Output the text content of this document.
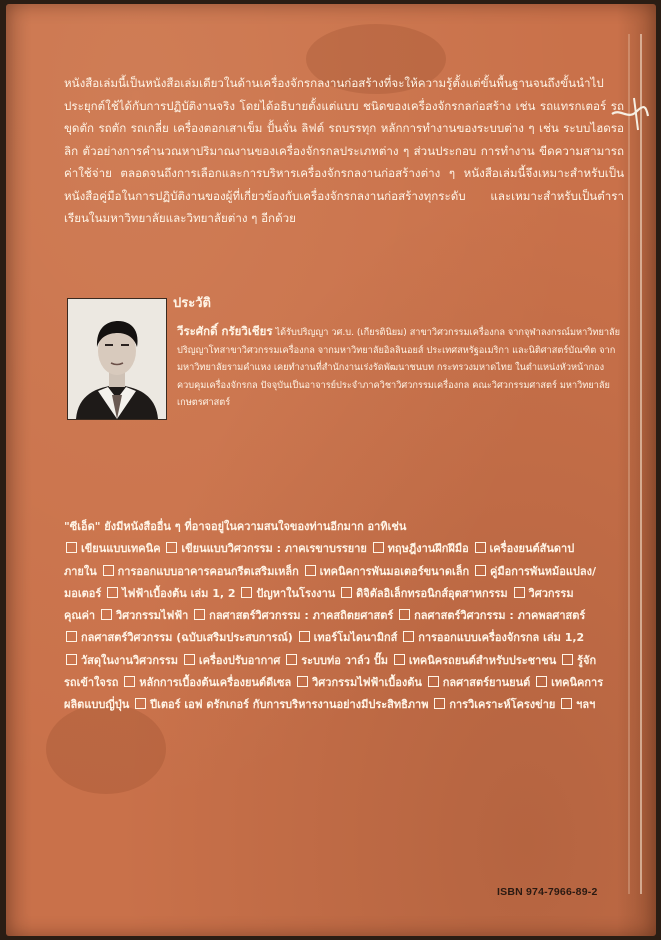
หนังสือเล่มนี้เป็นหนังสือเล่มเดียวในด้านเครื่องจักรกลงานก่อสร้างที่จะให้ความรู้ตั้งแต่ขั้นพื้นฐานจนถึงขั้นนำไปประยุกต์ใช้ได้กับการปฏิบัติงานจริง โดยได้อธิบายตั้งแต่แบบ ชนิดของเครื่องจักรกลก่อสร้าง เช่น รถแทรกเตอร์ รถขุดตัก รถตัก รถเกลี่ย เครื่องตอกเสาเข็ม ปั้นจั่น ลิฟต์ รถบรรทุก หลักการทำงานของระบบต่าง ๆ เช่น ระบบไฮดรอลิก ตัวอย่างการคำนวณหาปริมาณงานของเครื่องจักรกลประเภทต่าง ๆ ส่วนประกอบ การทำงาน ขีดความสามารถ ค่าใช้จ่าย ตลอดจนถึงการเลือกและการบริหารเครื่องจักรกลงานก่อสร้างต่าง ๆ หนังสือเล่มนี้จึงเหมาะสำหรับเป็นหนังสือคู่มือในการปฏิบัติงานของผู้ที่เกี่ยวข้องกับเครื่องจักรกลงานก่อสร้างทุกระดับ และเหมาะสำหรับเป็นตำราเรียนในมหาวิทยาลัยและวิทยาลัยต่าง ๆ อีกด้วย
ประวัติ
วีระศักดิ์ กรัยวิเชียร ได้รับปริญญา วศ.บ. (เกียรตินิยม) สาขาวิศวกรรมเครื่องกล จากจุฬาลงกรณ์มหาวิทยาลัย ปริญญาโทสาขาวิศวกรรมเครื่องกล จากมหาวิทยาลัยอิลลินอยส์ ประเทศสหรัฐอเมริกา และนิติศาสตร์บัณฑิต จากมหาวิทยาลัยรามคำแหง เคยทำงานที่สำนักงานเร่งรัดพัฒนาชนบท กระทรวงมหาดไทย ในตำแหน่งหัวหน้ากองควบคุมเครื่องจักรกล ปัจจุบันเป็นอาจารย์ประจำภาควิชาวิศวกรรมเครื่องกล คณะวิศวกรรมศาสตร์ มหาวิทยาลัยเกษตรศาสตร์
"ซีเอ็ด" ยังมีหนังสืออื่น ๆ ที่อาจอยู่ในความสนใจของท่านอีกมาก อาทิเช่น
เขียนแบบเทคนิค เขียนแบบวิศวกรรม : ภาคเรขาบรรยาย ทฤษฎีงานฝึกฝีมือ เครื่องยนต์สันดาปภายใน การออกแบบอาคารคอนกรีตเสริมเหล็ก เทคนิคการพันมอเตอร์ขนาดเล็ก คู่มือการพันหม้อแปลง/มอเตอร์ ไฟฟ้าเบื้องต้น เล่ม 1, 2 ปัญหาในโรงงาน ดิจิตัลอิเล็กทรอนิกส์อุตสาหกรรม วิศวกรรมคุณค่า วิศวกรรมไฟฟ้า กลศาสตร์วิศวกรรม : ภาคสถิตยศาสตร์ กลศาสตร์วิศวกรรม : ภาคพลศาสตร์ กลศาสตร์วิศวกรรม (ฉบับเสริมประสบการณ์) เทอร์โมไดนามิกส์ การออกแบบเครื่องจักรกล เล่ม 1,2 วัสดุในงานวิศวกรรม เครื่องปรับอากาศ ระบบท่อ วาล์ว ปั๊ม เทคนิครถยนต์สำหรับประชาชน รู้จักรถเข้าใจรถ หลักการเบื้องต้นเครื่องยนต์ดีเซล วิศวกรรมไฟฟ้าเบื้องต้น กลศาสตร์ยานยนต์ เทคนิคการผลิตแบบญี่ปุ่น ปีเตอร์ เอฟ ดรักเกอร์ กับการบริหารงานอย่างมีประสิทธิภาพ การวิเคราะห์โครงข่าย ฯลฯ
ISBN 974-7966-89-2
